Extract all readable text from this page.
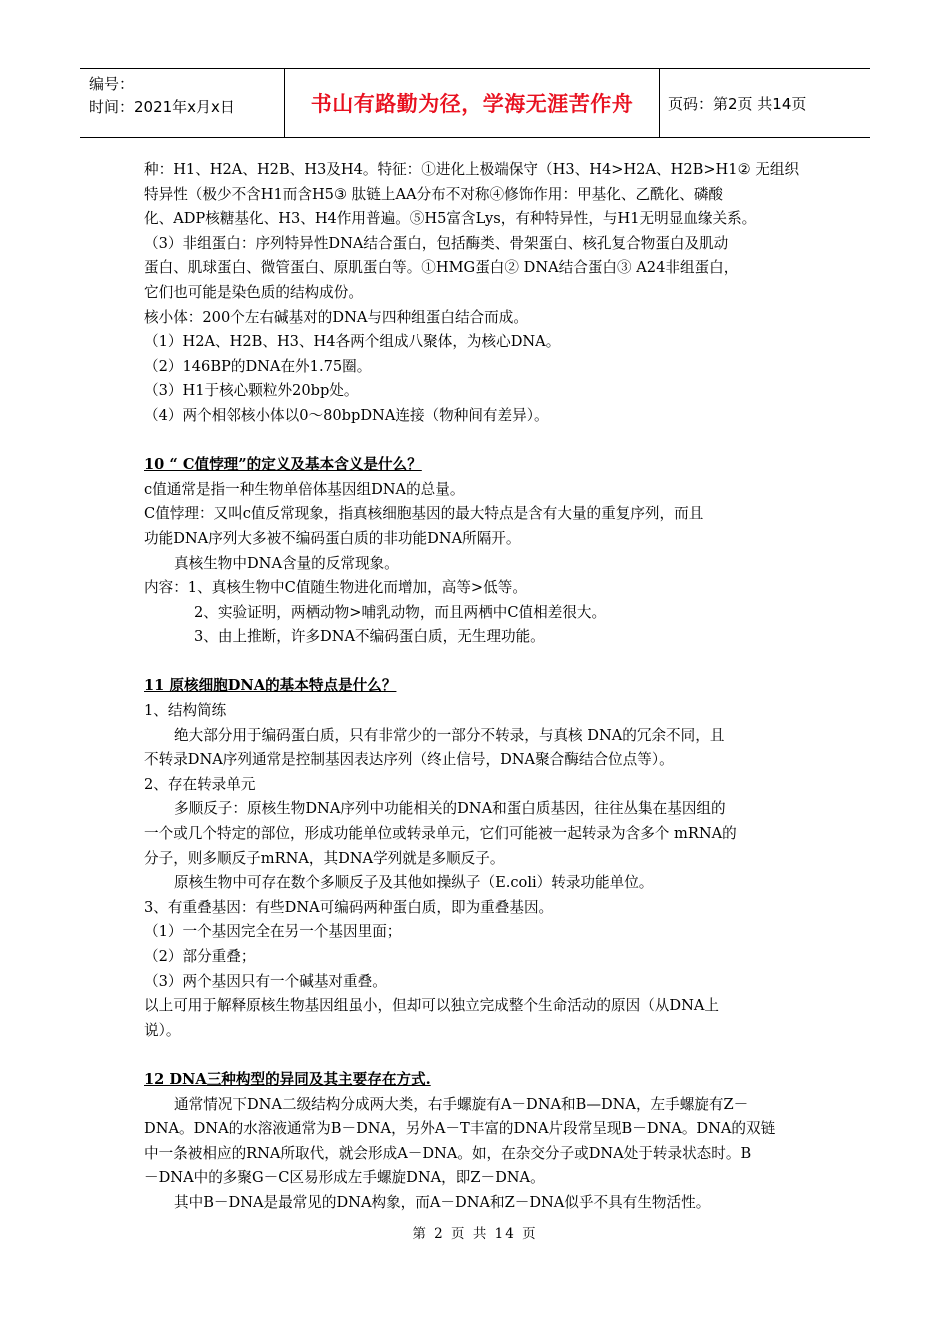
编号：
时间：2021年x月x日	书山有路勤为径，学海无涯苦作舟	页码：第2页 共14页
种：H1、H2A、H2B、H3及H4。特征：①进化上极端保守（H3、H4>H2A、H2B>H1② 无组织
特异性（极少不含H1而含H5③ 肽链上AA分布不对称④修饰作用：甲基化、乙酰化、磷酸
化、ADP核糖基化、H3、H4作用普遍。⑤H5富含Lys，有种特异性，与H1无明显血缘关系。
（3）非组蛋白：序列特异性DNA结合蛋白，包括酶类、骨架蛋白、核孔复合物蛋白及肌动
蛋白、肌球蛋白、微管蛋白、原肌蛋白等。①HMG蛋白② DNA结合蛋白③ A24非组蛋白，
它们也可能是染色质的结构成份。
核小体：200个左右碱基对的DNA与四种组蛋白结合而成。
（1）H2A、H2B、H3、H4各两个组成八聚体，为核心DNA。
（2）146BP的DNA在外1.75圈。
（3）H1于核心颗粒外20bp处。
（4）两个相邻核小体以0～80bpDNA连接（物种间有差异）。
10 “ C值悖理”的定义及基本含义是什么？
c值通常是指一种生物单倍体基因组DNA的总量。
C值悖理：又叫c值反常现象，指真核细胞基因的最大特点是含有大量的重复序列，而且
功能DNA序列大多被不编码蛋白质的非功能DNA所隔开。
真核生物中DNA含量的反常现象。
内容：1、真核生物中C值随生物进化而增加，高等>低等。
2、实验证明，两栖动物>哺乳动物，而且两栖中C值相差很大。
3、由上推断，许多DNA不编码蛋白质，无生理功能。
11 原核细胞DNA的基本特点是什么？
1、结构简练
绝大部分用于编码蛋白质，只有非常少的一部分不转录，与真核 DNA的冗余不同，且
不转录DNA序列通常是控制基因表达序列（终止信号，DNA聚合酶结合位点等）。
2、存在转录单元
多顺反子：原核生物DNA序列中功能相关的DNA和蛋白质基因，往往丛集在基因组的
一个或几个特定的部位，形成功能单位或转录单元，它们可能被一起转录为含多个 mRNA的
分子，则多顺反子mRNA，其DNA学列就是多顺反子。
原核生物中可存在数个多顺反子及其他如操纵子（E.coli）转录功能单位。
3、有重叠基因：有些DNA可编码两种蛋白质，即为重叠基因。
（1）一个基因完全在另一个基因里面；
（2）部分重叠；
（3）两个基因只有一个碱基对重叠。
以上可用于解释原核生物基因组虽小，但却可以独立完成整个生命活动的原因（从DNA上
说）。
12 DNA三种构型的异同及其主要存在方式.
通常情况下DNA二级结构分成两大类，右手螺旋有A－DNA和B—DNA，左手螺旋有Z－
DNA。DNA的水溶液通常为B－DNA，另外A－T丰富的DNA片段常呈现B－DNA。DNA的双链
中一条被相应的RNA所取代，就会形成A－DNA。如，在杂交分子或DNA处于转录状态时。B
－DNA中的多聚G－C区易形成左手螺旋DNA，即Z－DNA。
其中B－DNA是最常见的DNA构象，而A－DNA和Z－DNA似乎不具有生物活性。
第 2 页 共 14 页
